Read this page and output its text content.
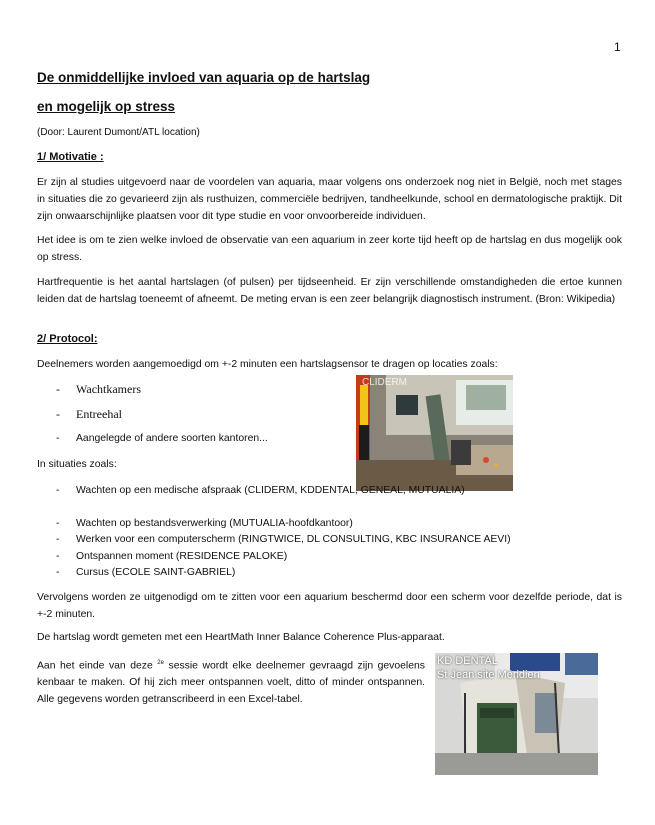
1
De onmiddellijke invloed van aquaria op de hartslag
en mogelijk op stress
(Door: Laurent Dumont/ATL location)
1/ Motivatie :
Er zijn al studies uitgevoerd naar de voordelen van aquaria, maar volgens ons onderzoek nog niet in België, noch met stages in situaties die zo gevarieerd zijn als rusthuizen, commerciële bedrijven, tandheelkunde, school en dermatologische praktijk. Dit zijn onwaarschijnlijke plaatsen voor dit type studie en voor onvoorbereide individuen.
Het idee is om te zien welke invloed de observatie van een aquarium in zeer korte tijd heeft op de hartslag en dus mogelijk ook op stress.
Hartfrequentie is het aantal hartslagen (of pulsen) per tijdseenheid. Er zijn verschillende omstandigheden die ertoe kunnen leiden dat de hartslag toeneemt of afneemt. De meting ervan is een zeer belangrijk diagnostisch instrument. (Bron: Wikipedia)
2/ Protocol:
Deelnemers worden aangemoedigd om +-2 minuten een hartslagsensor te dragen op locaties zoals:
- Wachtkamers
- Entreehal
- Aangelegde of andere soorten kantoren...
CLIDERM
In situaties zoals:
- Wachten op een medische afspraak (CLIDERM, KDDENTAL, GENEAL, MUTUALIA)
- Wachten op bestandsverwerking (MUTUALIA-hoofdkantoor)
- Werken voor een computerscherm (RINGTWICE, DL CONSULTING, KBC INSURANCE AEVI)
- Ontspannen moment (RESIDENCE PALOKE)
- Cursus (ECOLE SAINT-GABRIEL)
Vervolgens worden ze uitgenodigd om te zitten voor een aquarium beschermd door een scherm voor dezelfde periode, dat is +-2 minuten.
De hartslag wordt gemeten met een HeartMath Inner Balance Coherence Plus-apparaat.
Aan het einde van deze $^{2e}$ sessie wordt elke deelnemer gevraagd zijn gevoelens kenbaar te maken. Of hij zich meer ontspannen voelt, ditto of minder ontspannen. Alle gegevens worden getranscribeerd in een Excel-tabel.
KD DENTAL
St Jean site Méridien
